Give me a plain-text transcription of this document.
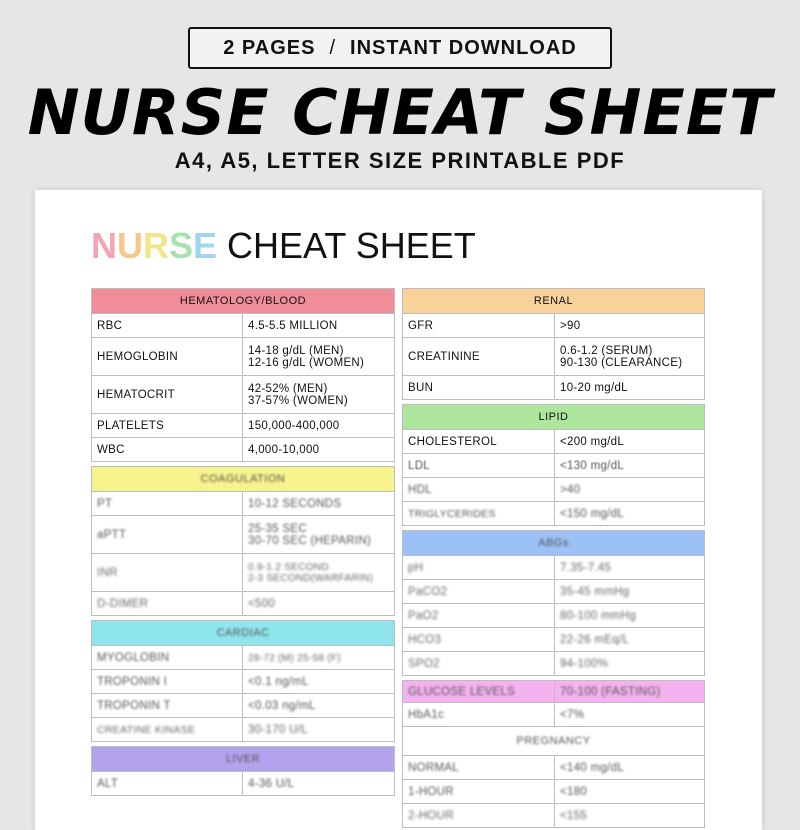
2 PAGES / INSTANT DOWNLOAD
NURSE CHEAT SHEET
A4, A5, LETTER SIZE PRINTABLE PDF
NURSE CHEAT SHEET
HEMATOLOGY/BLOOD	
RBC	4.5-5.5 MILLION
HEMOGLOBIN	14-18 g/dL (MEN)
12-16 g/dL (WOMEN)

HEMATOCRIT	42-52% (MEN)
37-57% (WOMEN)

PLATELETS	150,000-400,000
WBC	4,000-10,000

COAGULATION	
PT	10-12 SECONDS
aPTT	25-35 SEC
30-70 SEC (HEPARIN)

INR	0.9-1.2 SECOND
2-3 SECOND(WARFARIN)

D-DIMER	<500

CARDIAC	
MYOGLOBIN	28-72 (M) 25-58 (F)
TROPONIN I	<0.1 ng/mL
TROPONIN T	<0.03 ng/mL
CREATINE KINASE	30-170 U/L

LIVER	
ALT	4-36 U/L
RENAL	
GFR	>90
CREATININE	0.6-1.2 (SERUM)
90-130 (CLEARANCE)

BUN	10-20 mg/dL

LIPID	
CHOLESTEROL	<200 mg/dL
LDL	<130 mg/dL
HDL	>40
TRIGLYCERIDES	<150 mg/dL

ABGs	
pH	7.35-7.45
PaCO2	35-45 mmHg
PaO2	80-100 mmHg
HCO3	22-26 mEq/L
SPO2	94-100%

GLUCOSE LEVELS	70-100 (FASTING)
HbA1c	<7%
PREGNANCY	
NORMAL	<140 mg/dL
1-HOUR	<180
2-HOUR	<155
